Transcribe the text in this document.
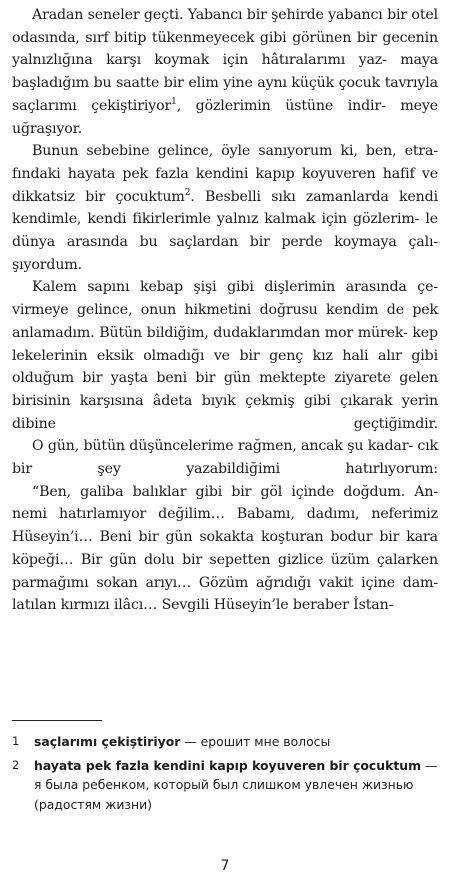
Aradan seneler geçti. Yabancı bir şehirde yabancı bir otel odasında, sırf bitip tükenmeyecek gibi görünen bir gecenin yalnızlığına karşı koymak için hâtıralarımı yaz- maya başladığım bu saatte bir elim yine aynı küçük çocuk tavrıyla saçlarımı çekiştiriyor$^1$, gözlerimin üstüne indir- meye uğraşıyor.

Bunun sebebine gelince, öyle sanıyorum ki, ben, etra- fındaki hayata pek fazla kendini kapıp koyuveren hafif ve dikkatsiz bir çocuktum$^2$. Besbelli sıkı zamanlarda kendi kendimle, kendi fikirlerimle yalnız kalmak için gözlerim- le dünya arasında bu saçlardan bir perde koymaya çalı- şıyordum.

Kalem sapını kebap şişi gibi dişlerimin arasında çe- virmeye gelince, onun hikmetini doğrusu kendim de pek anlamadım. Bütün bildiğim, dudaklarımdan mor mürek- kep lekelerinin eksik olmadığı ve bir genç kız hali alır gibi olduğum bir yaşta beni bir gün mektepte ziyarete gelen birisinin karşısına âdeta bıyık çekmiş gibi çıkarak yerin dibine geçtiğimdir.

O gün, bütün düşüncelerime rağmen, ancak şu kadar- cık bir şey yazabildiğimi hatırlıyorum:

“Ben, galiba balıklar gibi bir göl içinde doğdum. An- nemi hatırlamıyor değilim… Babamı, dadımı, neferimiz Hüseyin’i… Beni bir gün sokakta koşturan bodur bir kara köpeği… Bir gün dolu bir sepetten gizlice üzüm çalarken parmağımı sokan arıyı… Gözüm ağrıdığı vakit içine dam- latılan kırmızı ilâcı… Sevgili Hüseyin’le beraber İstan-

1	saçlarımı çekiştiriyor — ерошит мне волосы
2	hayata pek fazla kendini kapıp koyuveren bir çocuktum — я была ребенком, который был слишком увлечен жизнью (радостям жизни)
7
